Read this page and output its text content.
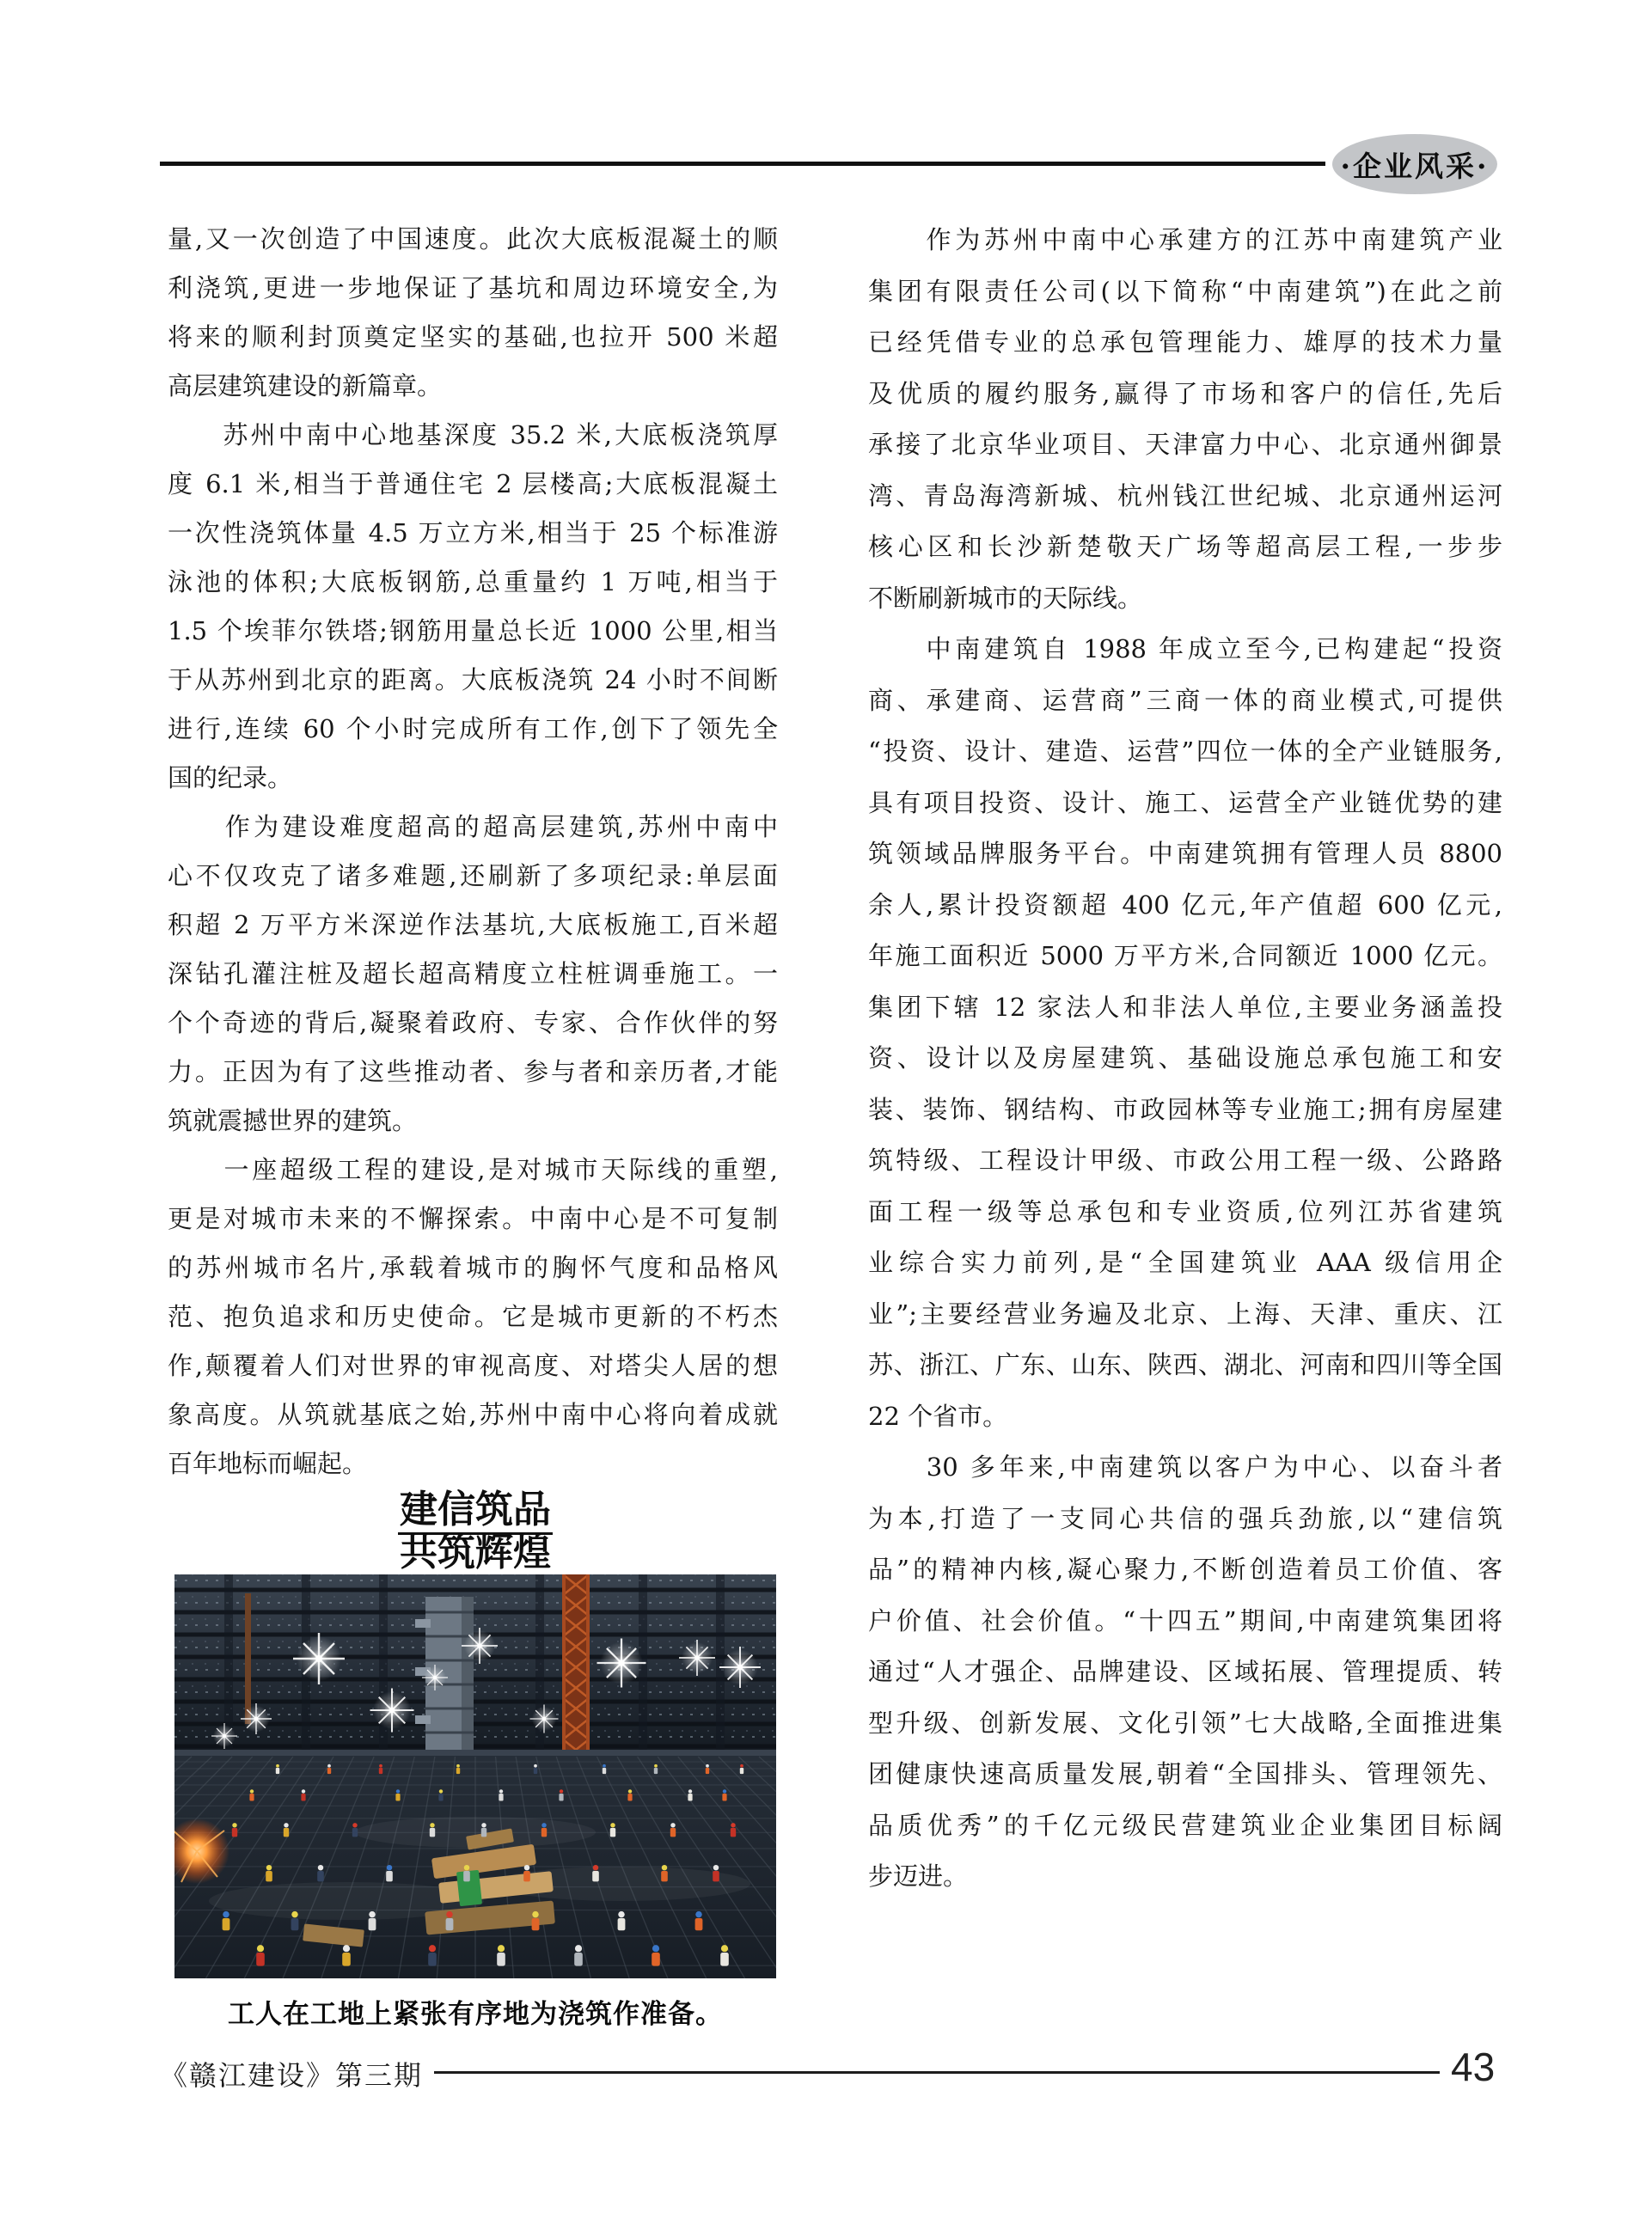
·企业风采·
量,又一次创造了中国速度。此次大底板混凝土的顺
利浇筑,更进一步地保证了基坑和周边环境安全,为
将来的顺利封顶奠定坚实的基础,也拉开 500 米超
高层建筑建设的新篇章。
　　苏州中南中心地基深度 35.2 米,大底板浇筑厚
度 6.1 米,相当于普通住宅 2 层楼高;大底板混凝土
一次性浇筑体量 4.5 万立方米,相当于 25 个标准游
泳池的体积;大底板钢筋,总重量约 1 万吨,相当于
1.5 个埃菲尔铁塔;钢筋用量总长近 1000 公里,相当
于从苏州到北京的距离。大底板浇筑 24 小时不间断
进行,连续 60 个小时完成所有工作,创下了领先全
国的纪录。
　　作为建设难度超高的超高层建筑,苏州中南中
心不仅攻克了诸多难题,还刷新了多项纪录:单层面
积超 2 万平方米深逆作法基坑,大底板施工,百米超
深钻孔灌注桩及超长超高精度立柱桩调垂施工。一
个个奇迹的背后,凝聚着政府、专家、合作伙伴的努
力。正因为有了这些推动者、参与者和亲历者,才能
筑就震撼世界的建筑。
　　一座超级工程的建设,是对城市天际线的重塑,
更是对城市未来的不懈探索。中南中心是不可复制
的苏州城市名片,承载着城市的胸怀气度和品格风
范、抱负追求和历史使命。它是城市更新的不朽杰
作,颠覆着人们对世界的审视高度、对塔尖人居的想
象高度。从筑就基底之始,苏州中南中心将向着成就
百年地标而崛起。
建信筑品
共筑辉煌
工人在工地上紧张有序地为浇筑作准备。
　　作为苏州中南中心承建方的江苏中南建筑产业
集团有限责任公司(以下简称“中南建筑”)在此之前
已经凭借专业的总承包管理能力、雄厚的技术力量
及优质的履约服务,赢得了市场和客户的信任,先后
承接了北京华业项目、天津富力中心、北京通州御景
湾、青岛海湾新城、杭州钱江世纪城、北京通州运河
核心区和长沙新楚敬天广场等超高层工程,一步步
不断刷新城市的天际线。
　　中南建筑自 1988 年成立至今,已构建起“投资
商、承建商、运营商”三商一体的商业模式,可提供
“投资、设计、建造、运营”四位一体的全产业链服务,
具有项目投资、设计、施工、运营全产业链优势的建
筑领域品牌服务平台。中南建筑拥有管理人员 8800
余人,累计投资额超 400 亿元,年产值超 600 亿元,
年施工面积近 5000 万平方米,合同额近 1000 亿元。
集团下辖 12 家法人和非法人单位,主要业务涵盖投
资、设计以及房屋建筑、基础设施总承包施工和安
装、装饰、钢结构、市政园林等专业施工;拥有房屋建
筑特级、工程设计甲级、市政公用工程一级、公路路
面工程一级等总承包和专业资质,位列江苏省建筑
业综合实力前列,是“全国建筑业 AAA 级信用企
业”;主要经营业务遍及北京、上海、天津、重庆、江
苏、浙江、广东、山东、陕西、湖北、河南和四川等全国
22 个省市。
　　30 多年来,中南建筑以客户为中心、以奋斗者
为本,打造了一支同心共信的强兵劲旅,以“建信筑
品”的精神内核,凝心聚力,不断创造着员工价值、客
户价值、社会价值。“十四五”期间,中南建筑集团将
通过“人才强企、品牌建设、区域拓展、管理提质、转
型升级、创新发展、文化引领”七大战略,全面推进集
团健康快速高质量发展,朝着“全国排头、管理领先、
品质优秀”的千亿元级民营建筑业企业集团目标阔
步迈进。
《赣江建设》第三期	43
